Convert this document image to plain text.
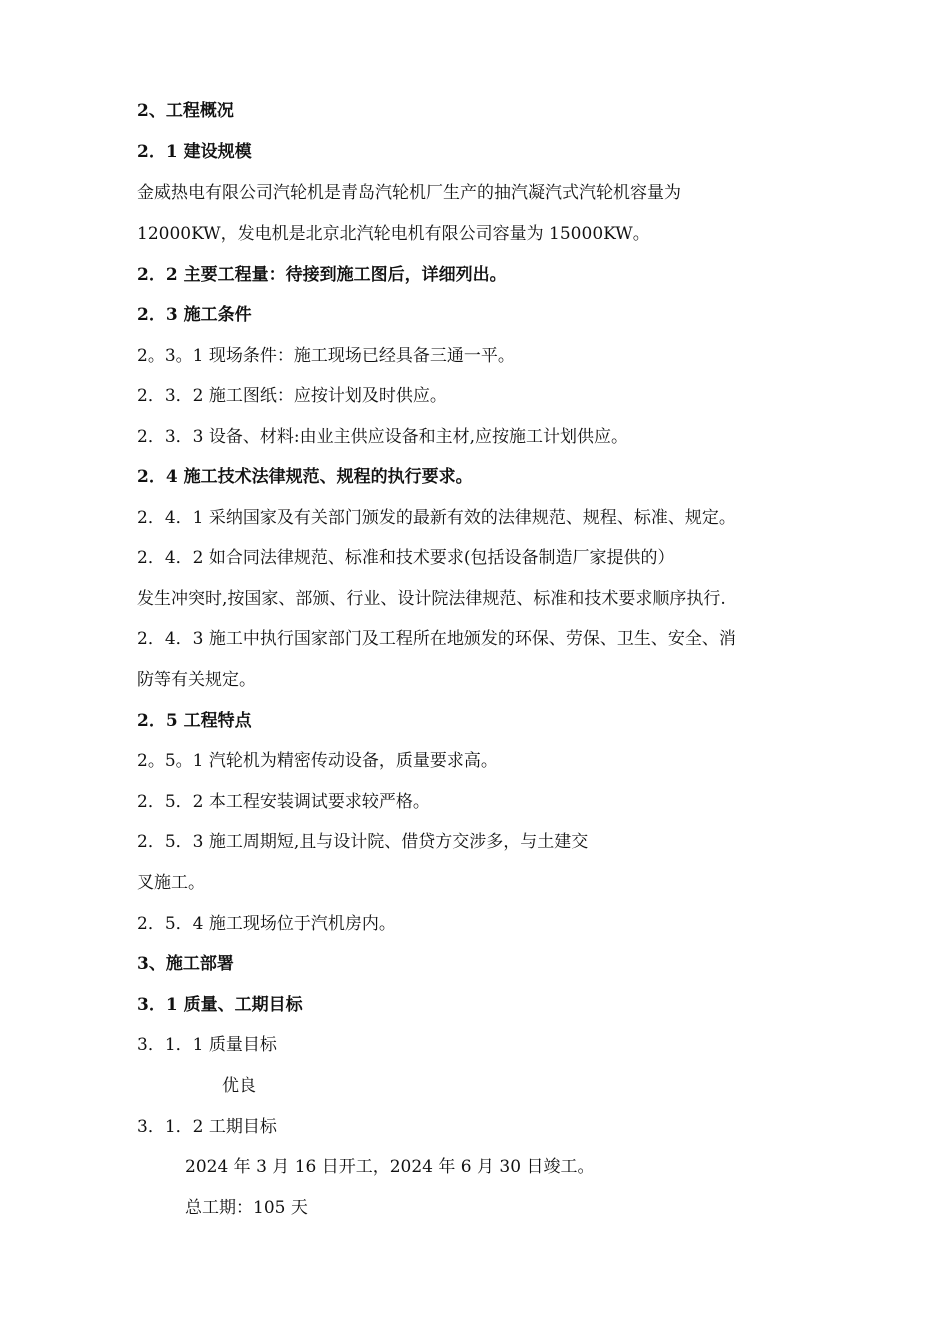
2、工程概况
2．1 建设规模
金威热电有限公司汽轮机是青岛汽轮机厂生产的抽汽凝汽式汽轮机容量为
12000KW，发电机是北京北汽轮电机有限公司容量为 15000KW。
2．2 主要工程量：待接到施工图后，详细列出。
2．3 施工条件
2。3。1 现场条件：施工现场已经具备三通一平。
2．3．2 施工图纸：应按计划及时供应。
2．3．3 设备、材料:由业主供应设备和主材,应按施工计划供应。
2．4 施工技术法律规范、规程的执行要求。
2．4．1 采纳国家及有关部门颁发的最新有效的法律规范、规程、标准、规定。
2．4．2 如合同法律规范、标准和技术要求(包括设备制造厂家提供的）
发生冲突时,按国家、部颁、行业、设计院法律规范、标准和技术要求顺序执行.
2．4．3 施工中执行国家部门及工程所在地颁发的环保、劳保、卫生、安全、消
防等有关规定。
2．5 工程特点
2。5。1 汽轮机为精密传动设备，质量要求高。
2．5．2 本工程安装调试要求较严格。
2．5．3 施工周期短,且与设计院、借贷方交涉多，与土建交
叉施工。
2．5．4 施工现场位于汽机房内。
3、施工部署
3．1 质量、工期目标
3．1．1 质量目标
优良
3．1．2 工期目标
2024 年 3 月 16 日开工，2024 年 6 月 30 日竣工。
总工期：105 天
